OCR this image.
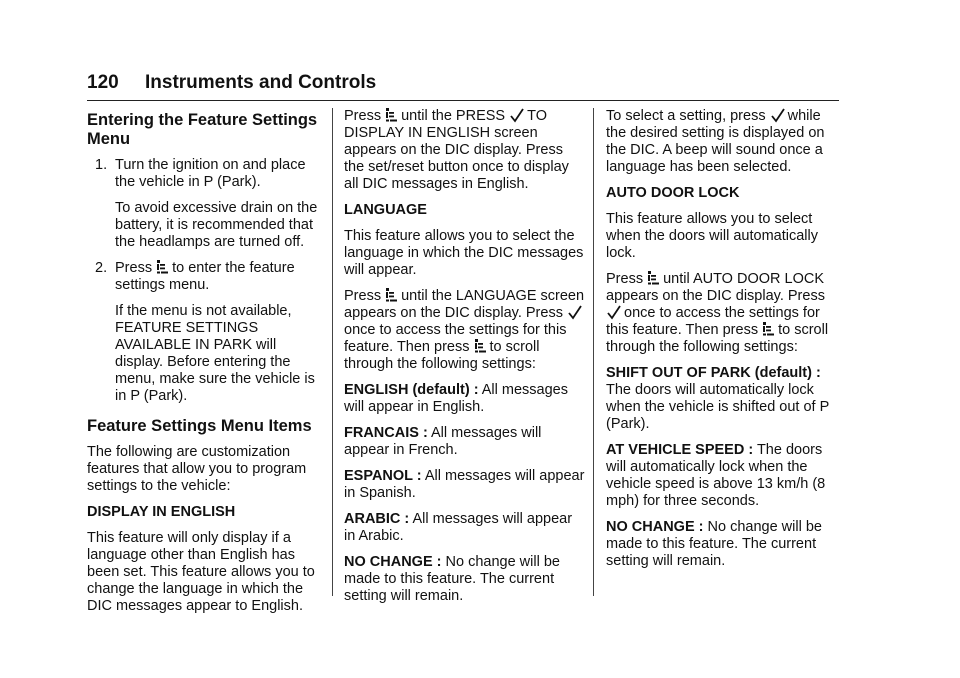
120 Instruments and Controls
Entering the Feature Settings Menu
1. Turn the ignition on and place the vehicle in P (Park).

To avoid excessive drain on the battery, it is recommended that the headlamps are turned off.

2. Press to enter the feature settings menu.

If the menu is not available, FEATURE SETTINGS AVAILABLE IN PARK will display. Before entering the menu, make sure the vehicle is in P (Park).

Feature Settings Menu Items

The following are customization features that allow you to program settings to the vehicle:

DISPLAY IN ENGLISH

This feature will only display if a language other than English has been set. This feature allows you to change the language in which the DIC messages appear to English.

Press until the PRESS TO DISPLAY IN ENGLISH screen appears on the DIC display. Press the set/reset button once to display all DIC messages in English.

LANGUAGE

This feature allows you to select the language in which the DIC messages will appear.

Press until the LANGUAGE screen appears on the DIC display. Press once to access the settings for this feature. Then press to scroll through the following settings:

ENGLISH (default) : All messages will appear in English.

FRANCAIS : All messages will appear in French.

ESPANOL : All messages will appear in Spanish.

ARABIC : All messages will appear in Arabic.

NO CHANGE : No change will be made to this feature. The current setting will remain.

To select a setting, press while the desired setting is displayed on the DIC. A beep will sound once a language has been selected.

AUTO DOOR LOCK

This feature allows you to select when the doors will automatically lock.

Press until AUTO DOOR LOCK appears on the DIC display. Press once to access the settings for this feature. Then press to scroll through the following settings:

SHIFT OUT OF PARK (default) : The doors will automatically lock when the vehicle is shifted out of P (Park).

AT VEHICLE SPEED : The doors will automatically lock when the vehicle speed is above 13 km/h (8 mph) for three seconds.

NO CHANGE : No change will be made to this feature. The current setting will remain.
